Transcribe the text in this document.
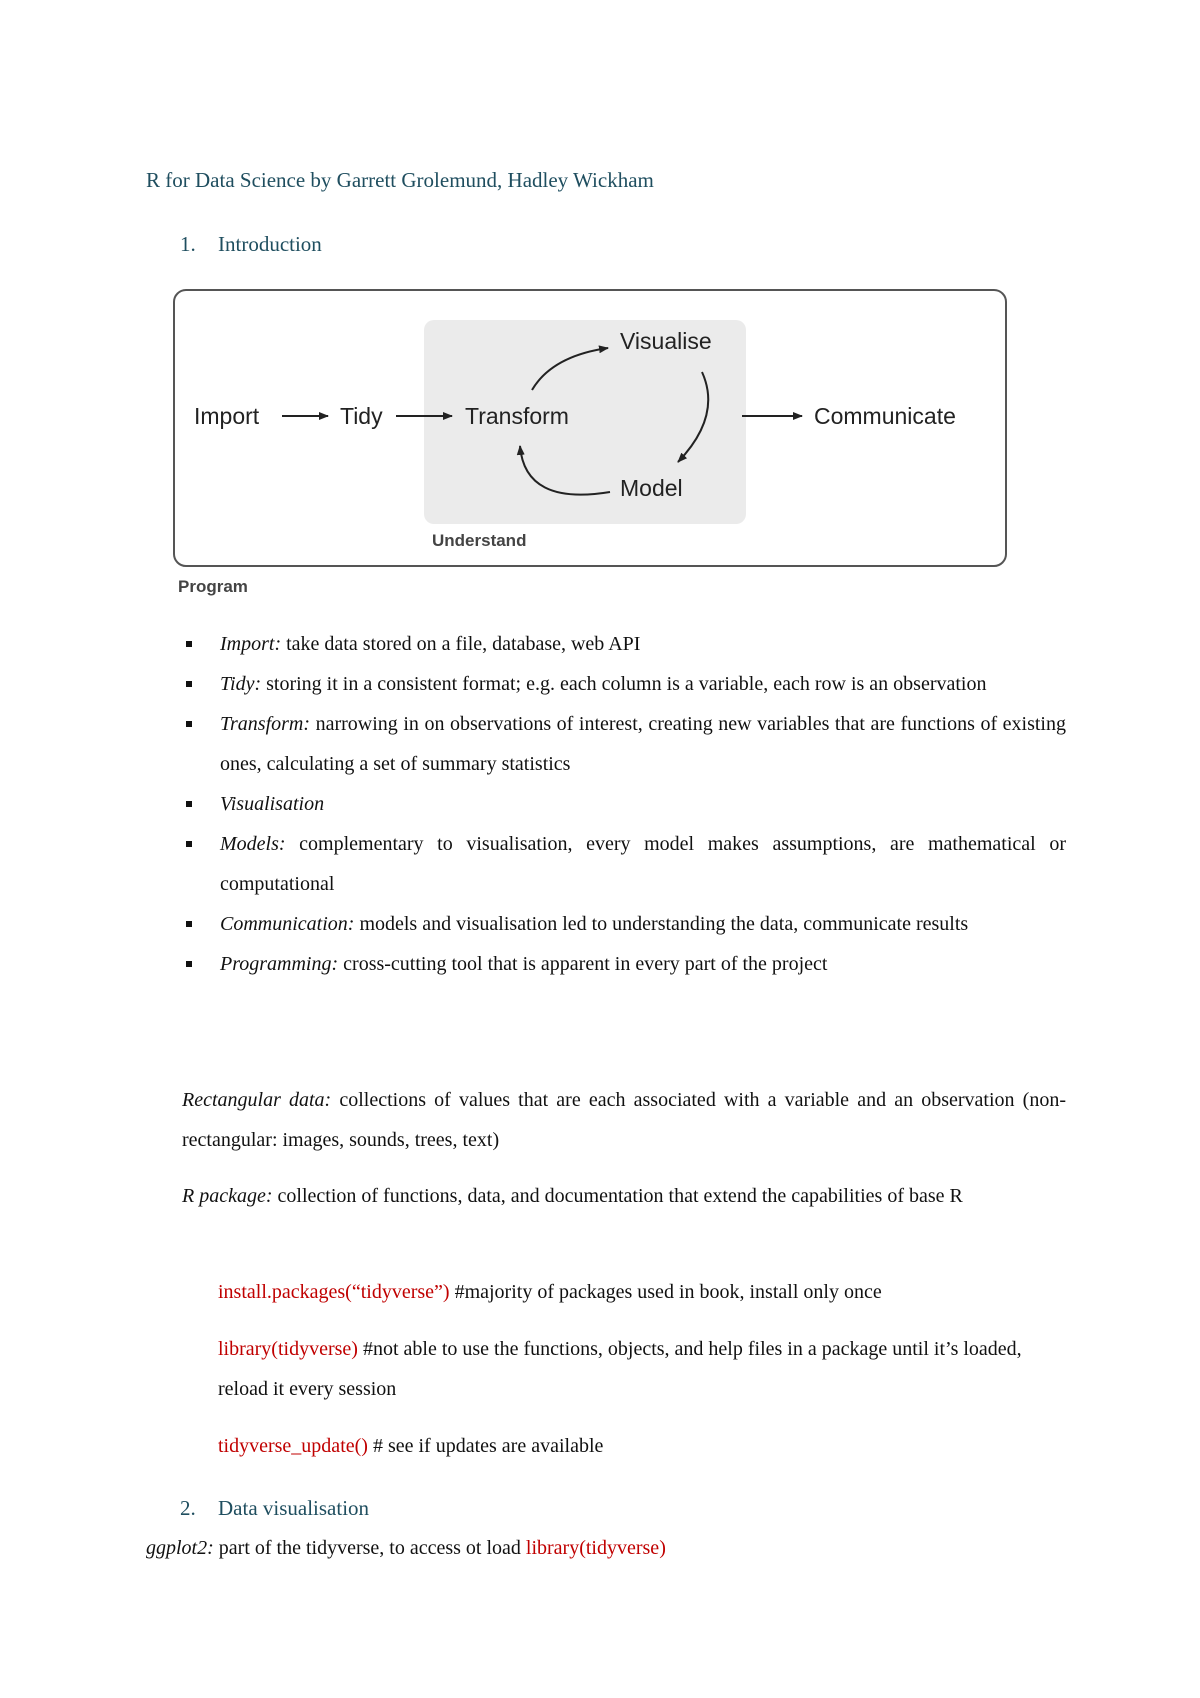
R for Data Science by Garrett Grolemund, Hadley Wickham
1. Introduction
Import	Tidy	Transform
Visualise
Model
Communicate
Understand
Program
Import: take data stored on a file, database, web API
Tidy: storing it in a consistent format; e.g. each column is a variable, each row is an observation
Transform: narrowing in on observations of interest, creating new variables that are functions of existing ones, calculating a set of summary statistics
Visualisation
Models: complementary to visualisation, every model makes assumptions, are mathematical or computational
Communication: models and visualisation led to understanding the data, communicate results
Programming: cross-cutting tool that is apparent in every part of the project
Rectangular data: collections of values that are each associated with a variable and an observation (non- rectangular: images, sounds, trees, text)
R package: collection of functions, data, and documentation that extend the capabilities of base R
install.packages(“tidyverse”) #majority of packages used in book, install only once
library(tidyverse) #not able to use the functions, objects, and help files in a package until it’s loaded, reload it every session
tidyverse_update() # see if updates are available
2. Data visualisation
ggplot2: part of the tidyverse, to access ot load library(tidyverse)
